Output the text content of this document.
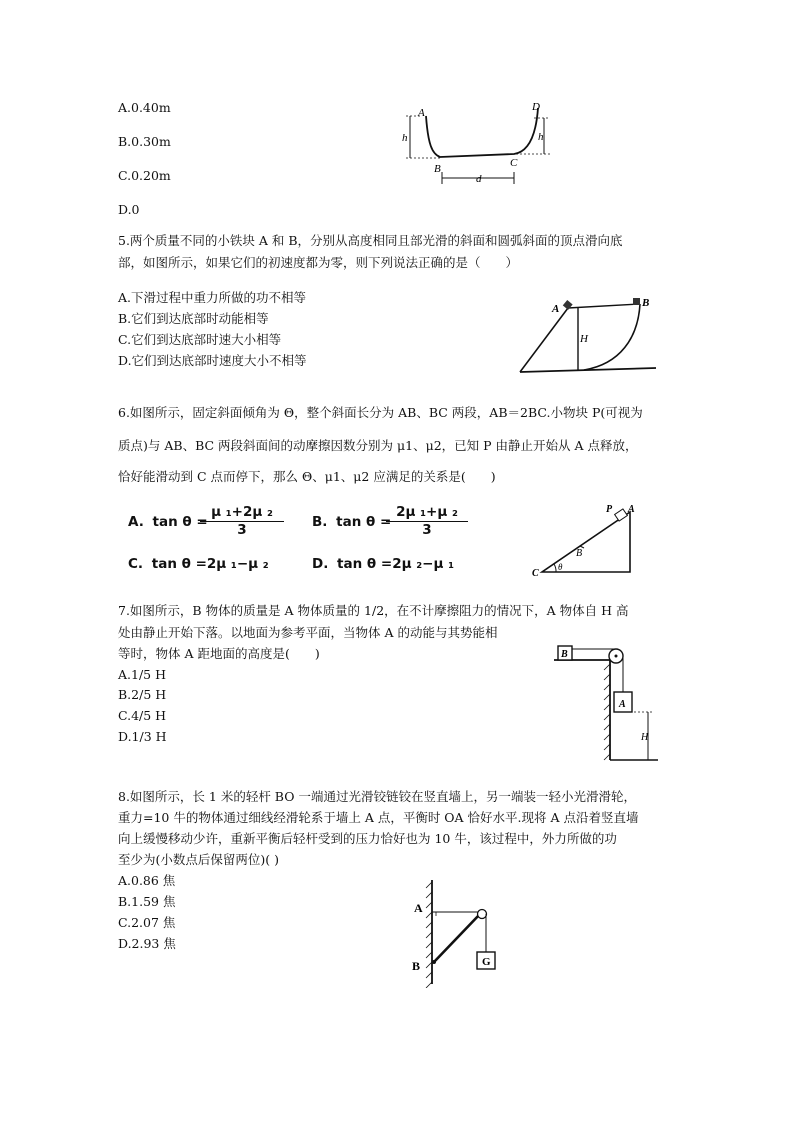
A.0.40m
B.0.30m
C.0.20m
D.0
A	D
h	h
B	C
d
5.两个质量不同的小铁块 A 和 B，分别从高度相同且部光滑的斜面和圆弧斜面的顶点滑向底
部，如图所示，如果它们的初速度都为零，则下列说法正确的是（　　）
A.下滑过程中重力所做的功不相等
B.它们到达底部时动能相等
C.它们到达底部时速大小相等
D.它们到达底部时速度大小不相等
A	B
H
6.如图所示，固定斜面倾角为 Θ，整个斜面长分为 AB、BC 两段，AB＝2BC.小物块 P(可视为
质点)与 AB、BC 两段斜面间的动摩擦因数分别为 μ1、μ2，已知 P 由静止开始从 A 点释放，
恰好能滑动到 C 点而停下，那么 Θ、μ1、μ2 应满足的关系是(　　)
A. tan θ =
μ ₁+2μ ₂
3	B. tan θ =
2μ ₁+μ ₂
3
C. tan θ =2μ ₁−μ ₂	D. tan θ =2μ ₂−μ ₁
P A
B
C
θ
7.如图所示，B 物体的质量是 A 物体质量的 1/2，在不计摩擦阻力的情况下，A 物体自 H 高
处由静止开始下落。以地面为参考平面，当物体 A 的动能与其势能相
等时，物体 A 距地面的高度是(　　)
A.1/5 H
B.2/5 H
C.4/5 H
D.1/3 H
B
A
H
8.如图所示，长 1 米的轻杆 BO 一端通过光滑铰链铰在竖直墙上，另一端装一轻小光滑滑轮，
重力=10 牛的物体通过细线经滑轮系于墙上 A 点，平衡时 OA 恰好水平.现将 A 点沿着竖直墙
向上缓慢移动少许，重新平衡后轻杆受到的压力恰好也为 10 牛，该过程中，外力所做的功
至少为(小数点后保留两位)( )
A.0.86 焦
B.1.59 焦
C.2.07 焦
D.2.93 焦
A
B	G
